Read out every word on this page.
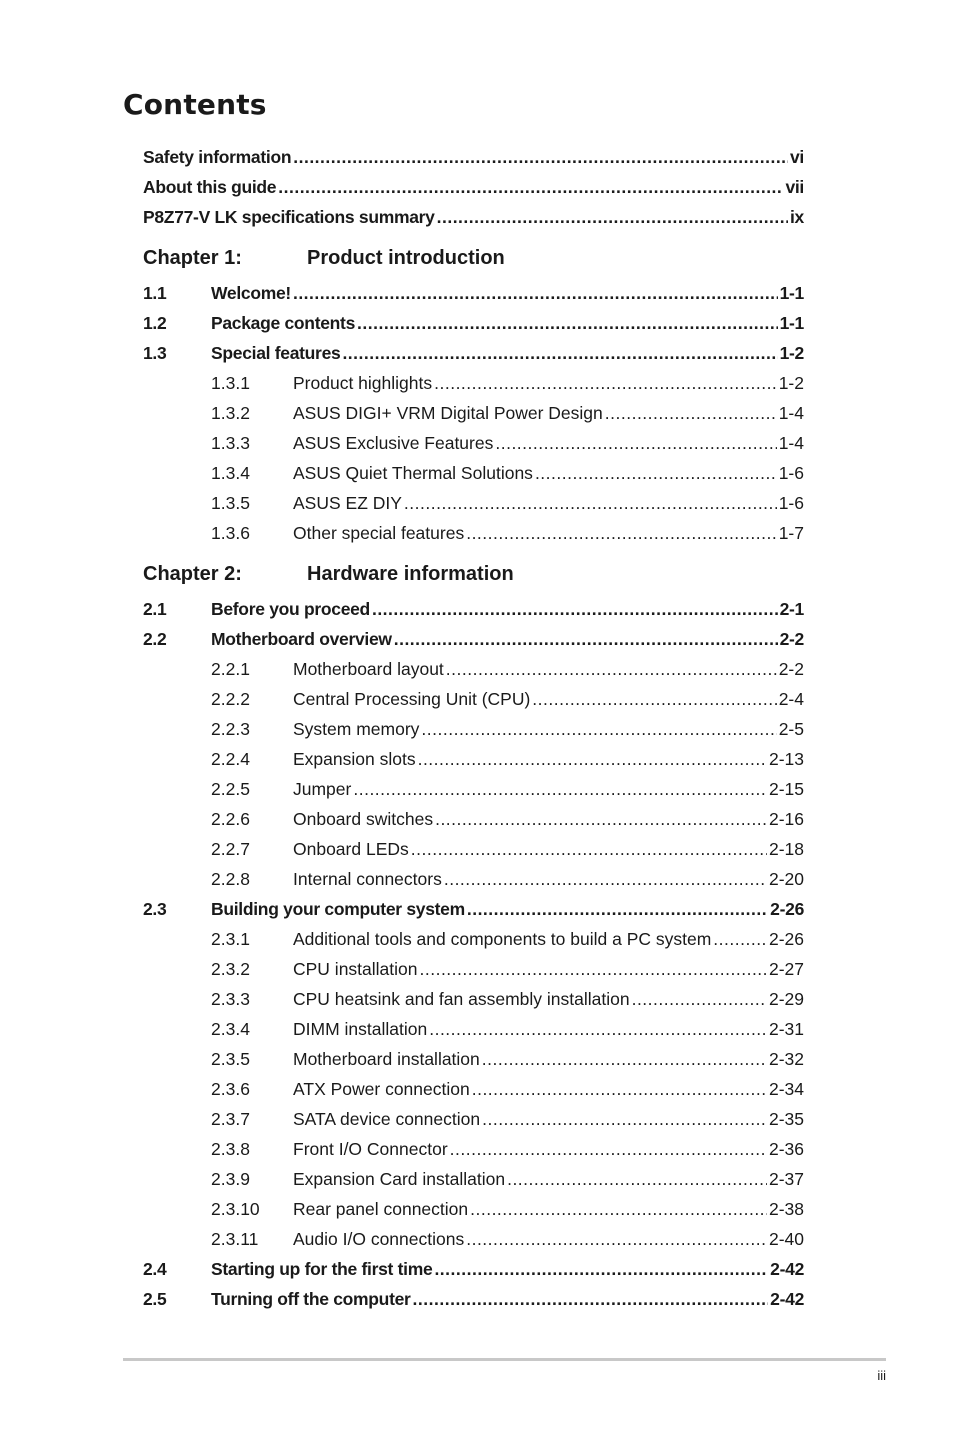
Contents
Safety information .....	vi
About this guide .....	vii
P8Z77-V LK specifications summary .....	ix
Chapter 1:	Product introduction
1.1	Welcome! .....	1-1
1.2	Package contents .....	1-1
1.3	Special features .....	1-2
1.3.1	Product highlights .....	1-2
1.3.2	ASUS DIGI+ VRM Digital Power Design .....	1-4
1.3.3	ASUS Exclusive Features .....	1-4
1.3.4	ASUS Quiet Thermal Solutions .....	1-6
1.3.5	ASUS EZ DIY .....	1-6
1.3.6	Other special features .....	1-7
Chapter 2:	Hardware information
2.1	Before you proceed .....	2-1
2.2	Motherboard overview .....	2-2
2.2.1	Motherboard layout .....	2-2
2.2.2	Central Processing Unit (CPU) .....	2-4
2.2.3	System memory .....	2-5
2.2.4	Expansion slots .....	2-13
2.2.5	Jumper .....	2-15
2.2.6	Onboard switches .....	2-16
2.2.7	Onboard LEDs .....	2-18
2.2.8	Internal connectors .....	2-20
2.3	Building your computer system .....	2-26
2.3.1	Additional tools and components to build a PC system .....	2-26
2.3.2	CPU installation .....	2-27
2.3.3	CPU heatsink and fan assembly installation .....	2-29
2.3.4	DIMM installation .....	2-31
2.3.5	Motherboard installation .....	2-32
2.3.6	ATX Power connection .....	2-34
2.3.7	SATA device connection .....	2-35
2.3.8	Front I/O Connector .....	2-36
2.3.9	Expansion Card installation .....	2-37
2.3.10	Rear panel connection .....	2-38
2.3.11	Audio I/O connections .....	2-40
2.4	Starting up for the first time .....	2-42
2.5	Turning off the computer .....	2-42
iii
